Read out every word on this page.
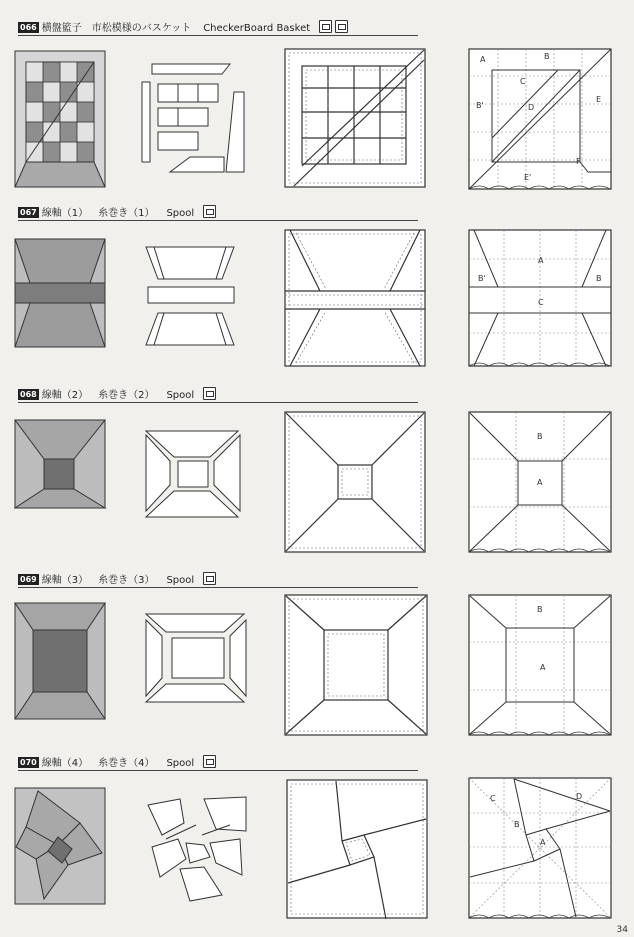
066 横盤籃子 市松模様のバスケット CheckerBoard Basket
A	B
C
D
B'
E
E'
F
067 線軸（1） 糸巻き（1） Spool
A
B'	B
C
068 線軸（2） 糸巻き（2） Spool
B
A
069 線軸（3） 糸巻き（3） Spool
B
A
070 線軸（4） 糸巻き（4） Spool
C	D
B
A
34
